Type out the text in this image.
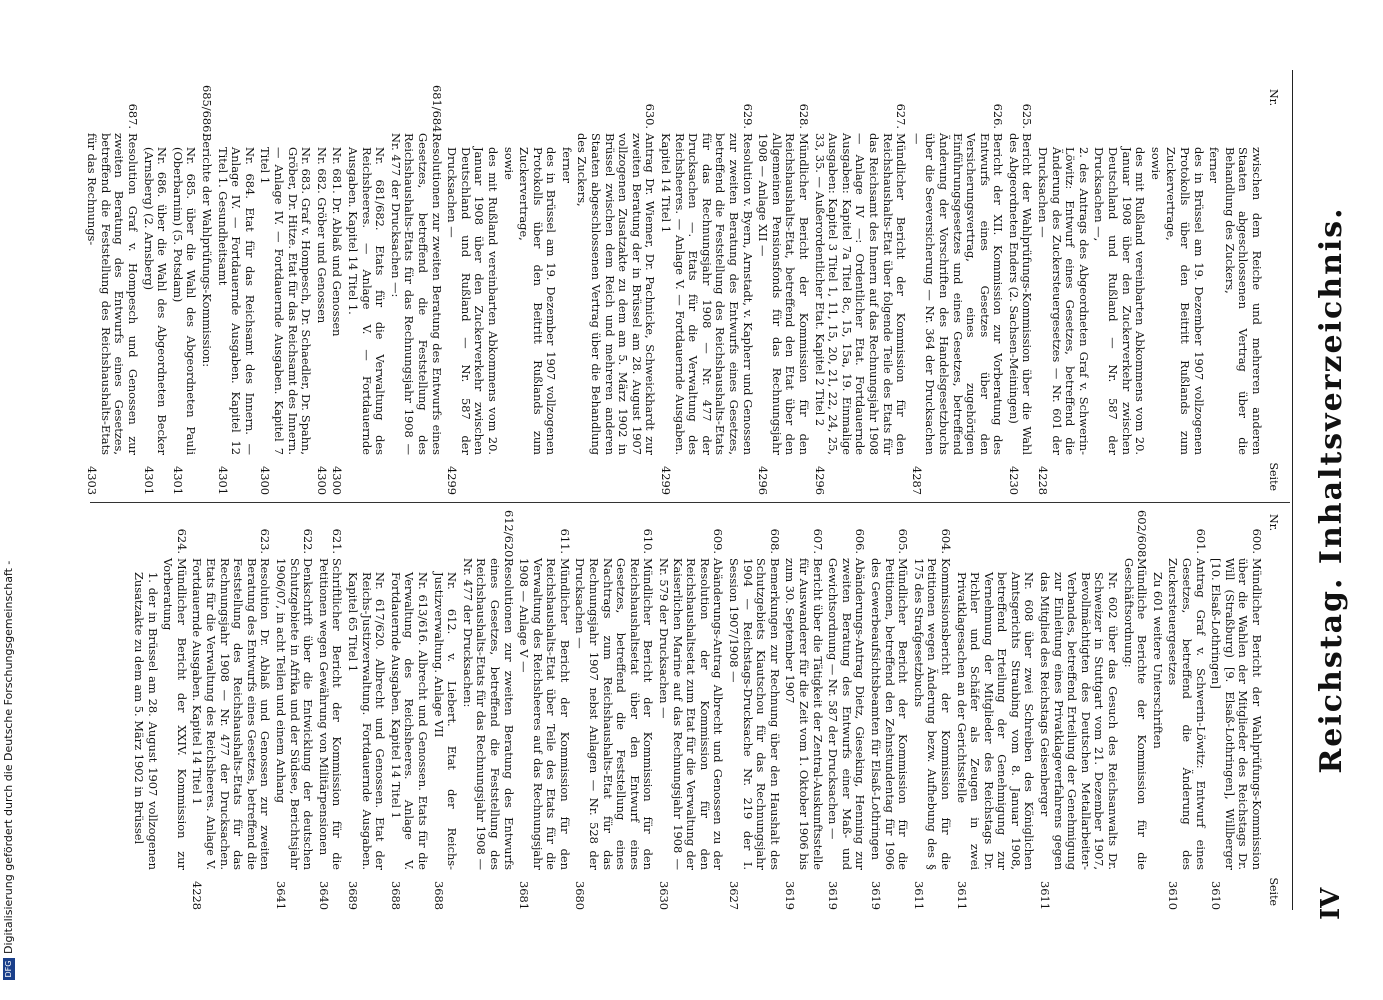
IV
Reichstag. Inhaltsverzeichnis.
Nr.
Seite
600.
Mündlicher Bericht der Wahlprüfungs-Kommission über die Wahlen der Mitglieder des Reichstags Dr. Will (Straßburg) [9. Elsaß-Lothringen], Willberger [10. Elsaß-Lothringen]
3610
601.
Antrag Graf v. Schwerin-Löwitz: Entwurf eines Gesetzes, betreffend die Änderung des Zuckersteuergesetzes
3610
Zu 601 weitere Unterschriften
602/608.
Mündliche Berichte der Kommission für die Geschäftsordnung:
Nr. 602 über das Gesuch des Reichsanwalts Dr. Schweizer in Stuttgart vom 21. Dezember 1907, Bevollmächtigten des Deutschen Metallarbeiter-Verbandes, betreffend Erteilung der Genehmigung zur Einleitung eines Privatklageverfahrens gegen das Mitglied des Reichstags Geisenberger
3611
Nr. 608 über zwei Schreiben des Königlichen Amtsgerichts Straubing vom 8. Januar 1908, betreffend Erteilung der Genehmigung zur Vernehmung der Mitglieder des Reichstags Dr. Pichler und Schäfer als Zeugen in zwei Privatklagesachen an der Gerichtsstelle
3611
604.
Kommissionsbericht der Kommission für die Petitionen wegen Änderung bezw. Aufhebung des § 175 des Strafgesetzbuchs
3611
605.
Mündlicher Bericht der Kommission für die Petitionen, betreffend den Zehnstundentag für 1906 des Gewerbeaufsichtsbeamten für Elsaß-Lothringen
3619
606.
Abänderungs-Antrag Dietz, Gieseking, Henning zur zweiten Beratung des Entwurfs einer Maß- und Gewichtsordnung — Nr. 587 der Drucksachen —
3619
607.
Bericht über die Tätigkeit der Zentral-Auskunftsstelle für Auswanderer für die Zeit vom 1. Oktober 1906 bis zum 30. September 1907
3619
608.
Bemerkungen zur Rechnung über den Haushalt des Schutzgebiets Kiautschou für das Rechnungsjahr 1904 — Reichstags-Drucksache Nr. 219 der I. Session 1907/1908 —
3627
609.
Abänderungs-Antrag Albrecht und Genossen zu der Resolution der Kommission für den Reichshaushaltsetat zum Etat für die Verwaltung der Kaiserlichen Marine auf das Rechnungsjahr 1908 — Nr. 579 der Drucksachen —
3630
610.
Mündlicher Bericht der Kommission für den Reichshaushaltsetat über den Entwurf eines Gesetzes, betreffend die Feststellung eines Nachtrags zum Reichshaushalts-Etat für das Rechnungsjahr 1907 nebst Anlagen — Nr. 528 der Drucksachen —
3680
611.
Mündlicher Bericht der Kommission für den Reichshaushalts-Etat über Teile des Etats für die Verwaltung des Reichsheeres auf das Rechnungsjahr 1908 — Anlage V —
3681
612/620.
Resolutionen zur zweiten Beratung des Entwurfs eines Gesetzes, betreffend die Feststellung des Reichshaushalts-Etats für das Rechnungsjahr 1908 — Nr. 477 der Drucksachen:
Nr. 612. v. Liebert. Etat der Reichs-Justizverwaltung. Anlage VII
3688
Nr. 613/616. Albrecht und Genossen. Etats für die Verwaltung des Reichsheeres. Anlage V. Fortdauernde Ausgaben. Kapitel 14 Titel 1
3688
Nr. 617/620. Albrecht und Genossen. Etat der Reichs-Justizverwaltung. Fortdauernde Ausgaben. Kapitel 65 Titel 1
3689
621.
Schriftlicher Bericht der Kommission für die Petitionen wegen Gewährung von Militärpensionen
3640
622.
Denkschrift über die Entwicklung der deutschen Schutzgebiete in Afrika und der Südsee, Berichtsjahr 1906/07, in acht Teilen und einem Anhang
3641
623.
Resolution Dr. Ablaß und Genossen zur zweiten Beratung des Entwurfs eines Gesetzes, betreffend die Feststellung des Reichshaushalts-Etats für das Rechnungsjahr 1908 — Nr. 477 der Drucksachen. Etats für die Verwaltung des Reichsheeres. Anlage V. Fortdauernde Ausgaben. Kapitel 14 Titel 1
4228
624.
Mündlicher Bericht der XXIV. Kommission zur Vorberatung
1. der in Brüssel am 28. August 1907 vollzogenen Zusatzakte zu dem am 5. März 1902 in Brüssel
Nr.
Seite
zwischen dem Reiche und mehreren anderen Staaten abgeschlossenen Vertrag über die Behandlung des Zuckers,
ferner
des in Brüssel am 19. Dezember 1907 vollzogenen Protokolls über den Beitritt Rußlands zum Zuckervertrage,
sowie
des mit Rußland vereinbarten Abkommens vom 20. Januar 1908 über den Zuckerverkehr zwischen Deutschland und Rußland — Nr. 587 der Drucksachen —,
2. des Antrags des Abgeordneten Graf v. Schwerin-Löwitz: Entwurf eines Gesetzes, betreffend die Änderung des Zuckersteuergesetzes — Nr. 601 der Drucksachen —
4228
625.
Bericht der Wahlprüfungs-Kommission über die Wahl des Abgeordneten Enders (2. Sachsen-Meiningen)
4230
626.
Bericht der XII. Kommission zur Vorberatung des Entwurfs eines Gesetzes über den Versicherungsvertrag, eines zugehörigen Einführungsgesetzes und eines Gesetzes, betreffend Änderung der Vorschriften des Handelsgesetzbuchs über die Seeversicherung — Nr. 364 der Drucksachen —
4287
627.
Mündlicher Bericht der Kommission für den Reichshaushalts-Etat über folgende Teile des Etats für das Reichsamt des Innern auf das Rechnungsjahr 1908 — Anlage IV —: Ordentlicher Etat. Fortdauernde Ausgaben: Kapitel 7a Titel 8c, 15, 15a, 19. Einmalige Ausgaben: Kapitel 3 Titel 1, 11, 15, 20, 21, 22, 24, 25, 33, 35. — Außerordentlicher Etat. Kapitel 2 Titel 2
4296
628.
Mündlicher Bericht der Kommission für den Reichshaushalts-Etat, betreffend den Etat über den Allgemeinen Pensionsfonds für das Rechnungsjahr 1908 — Anlage XII —
4296
629.
Resolution v. Byern, Arnstadt, v. Kapherr und Genossen zur zweiten Beratung des Entwurfs eines Gesetzes, betreffend die Feststellung des Reichshaushalts-Etats für das Rechnungsjahr 1908 — Nr. 477 der Drucksachen —. Etats für die Verwaltung des Reichsheeres. — Anlage V. — Fortdauernde Ausgaben. Kapitel 14 Titel 1
4299
630.
Antrag Dr. Wiemer, Dr. Pachnicke, Schweickhardt zur zweiten Beratung der in Brüssel am 28. August 1907 vollzogenen Zusatzakte zu dem am 5. März 1902 in Brüssel zwischen dem Reich und mehreren anderen Staaten abgeschlossenen Vertrag über die Behandlung des Zuckers,
ferner
des in Brüssel am 19. Dezember 1907 vollzogenen Protokolls über den Beitritt Rußlands zum Zuckervertrage,
sowie
des mit Rußland vereinbarten Abkommens vom 20. Januar 1908 über den Zuckerverkehr zwischen Deutschland und Rußland — Nr. 587 der Drucksachen —
4299
681/684.
Resolutionen zur zweiten Beratung des Entwurfs eines Gesetzes, betreffend die Feststellung des Reichshaushalts-Etats für das Rechnungsjahr 1908 — Nr. 477 der Drucksachen —:
Nr. 681/682. Etats für die Verwaltung des Reichsheeres. — Anlage V. — Fortdauernde Ausgaben. Kapitel 14 Titel 1.
Nr. 681. Dr. Ablaß und Genossen
4300
Nr. 682. Gröber und Genossen
4300
Nr. 683. Graf v. Hompesch, Dr. Schaedler, Dr. Spahn, Gröber, Dr. Hitze. Etat für das Reichsamt des Innern. — Anlage IV. — Fortdauernde Ausgaben. Kapitel 7 Titel 1
4300
Nr. 684. Etat für das Reichsamt des Innern. — Anlage IV. — Fortdauernde Ausgaben. Kapitel 12 Titel 1. Gesundheitsamt
4301
685/686.
Berichte der Wahlprüfungs-Kommission:
Nr. 685. über die Wahl des Abgeordneten Pauli (Oberbarnim) (5. Potsdam)
4301
Nr. 686. über die Wahl des Abgeordneten Becker (Arnsberg) (2. Arnsberg)
4301
687.
Resolution Graf v. Hompesch und Genossen zur zweiten Beratung des Entwurfs eines Gesetzes, betreffend die Feststellung des Reichshaushalts-Etats für das Rechnungs-
4303
DFG
Digitalisierung gefördert durch die Deutsche Forschungsgemeinschaft -
